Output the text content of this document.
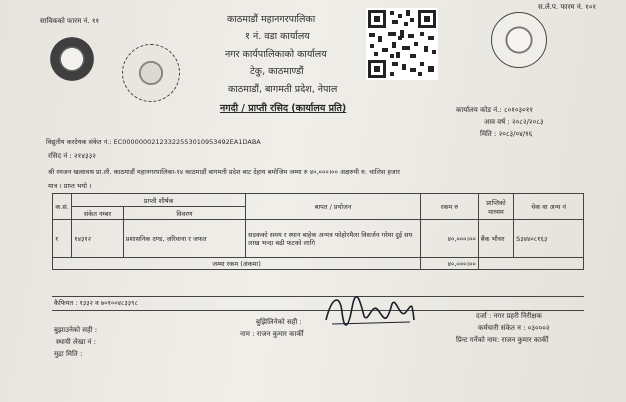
साविकको फारम नं. ११
स.ले.प. फारम नं. १०१
काठमाडौं महानगरपालिका
१ नं. वडा कार्यालय
नगर कार्यपालिकाको कार्यालय
टेकु, काठमाण्डौं
काठमाडौं, बागमती प्रदेश, नेपाल
नगदी / प्राप्ती रसिद (कार्यालय प्रति)	कार्यालय कोड नं.: ८०१०३०११
आव वर्ष : २०८२/२०८३
मिति : २०८३/०४/१६
विद्युतीय करदेयक संकेत नं.: EC00000002123322553010953492EA1DABA
रसिद नं : २१४३३२
श्री रमजन खत्वावश्र प्रा.ली. काठमाडौं महानगरपालिका-१४ काठमाडौं बागमती प्रदेश बाट देहाय बमोजिम जम्मा रु ४०,०००।०० अक्षरुपी रु. चालिस हजार
मात्र । प्राप्त भयो ।
क.सं.	प्राप्ती शीर्षक		बापत / प्रयोजन	रकम रु	प्राप्तिको माध्यम	चेक वा अन्य नं
	संकेत नम्बर	विवरण				
१	१४३१२	प्रशासनिक दण्ड, जरिवाना र जफत	सडकको समय र स्थान बाहेक अन्यत्र फोहोरमैला विसर्जन गरेमा दुई सय लाख भन्दा बढी फटको लागि	४०,०००।००	बैंक भौचर	S३४४०८१६३
जम्मा रकम (अंकमा)				४०,०००।००		
कैफियत : १३३२ व ७०१००४८३३९८
बुझिलिनेको सही :
नाम : राजन कुमार कार्की
दर्जा : नगर प्रहरी निरीक्षक
कर्मचारी संकेत न : ०३०००२
प्रिन्ट गर्नेको नाम: राजन कुमार कार्की
बुझाउनेको सही :
स्थायी लेखा नं :
मुद्रा मिति :
